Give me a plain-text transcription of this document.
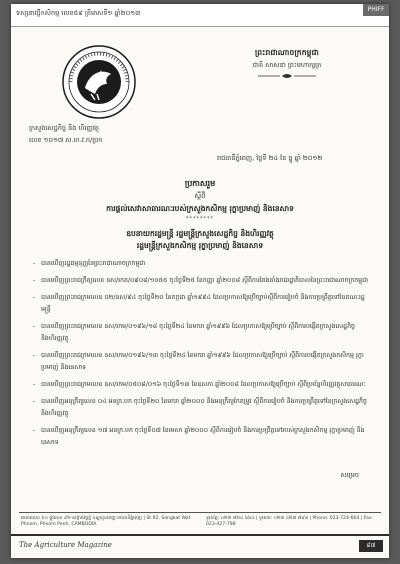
ទស្សនាវដ្តីកសិកម្ម លេខ៥៩ ត្រីមាសទី១ ឆ្នាំ២០១៣	PHIFF
ព្រះរាជាណាចក្រកម្ពុជា
ជាតិ សាសនា ព្រះមហាក្សត្រ
ក្រសួងសេដ្ឋកិច្ច និង ហិរញ្ញវត្ថុ
លេខ ១០១៧ ស.ហ.វ.ក/ប្រក
រាជធានីភ្នំពេញ, ថ្ងៃទី ២៤ ខែ ធ្នូ ឆ្នាំ ២០១២
ប្រកាសរួម
ស្តីពី
ការផ្តល់សេវាសាធារណៈរបស់ក្រសួងកសិកម្ម រុក្ខាប្រមាញ់ និងនេសាទ
********
ឧបនាយករដ្ឋមន្ត្រី រដ្ឋមន្ត្រីក្រសួងសេដ្ឋកិច្ច និងហិរញ្ញវត្ថុ
រដ្ឋមន្ត្រីក្រសួងកសិកម្ម រុក្ខាប្រមាញ់ និងនេសាទ
- បានឃើញរដ្ឋធម្មនុញ្ញនៃព្រះរាជាណាចក្រកម្ពុជា
- បានឃើញព្រះរាជក្រឹត្យលេខ នស/រកត/០៩០៨/១០៥៥ ចុះថ្ងៃទី២៥ ខែកញ្ញា ឆ្នាំ២០០៨ ស្តីពីការតែងតាំងរាជរដ្ឋាភិបាលនៃព្រះរាជាណាចក្រកម្ពុជា
- បានឃើញព្រះរាជក្រមលេខ ០២/នស/៩៤ ចុះថ្ងៃទី២០ ខែកក្កដា ឆ្នាំ១៩៩៤ ដែលប្រកាសឱ្យប្រើច្បាប់ស្តីពីការរៀបចំ និងការប្រព្រឹត្តទៅនៃគណៈរដ្ឋមន្ត្រី
- បានឃើញព្រះរាជក្រមលេខ នស/រកម/០១៩៦/១៨ ចុះថ្ងៃទី២៤ ខែមករា ឆ្នាំ១៩៩៦ ដែលប្រកាសឱ្យប្រើច្បាប់ ស្តីពីការបង្កើតក្រសួងសេដ្ឋកិច្ច និងហិរញ្ញវត្ថុ
- បានឃើញព្រះរាជក្រមលេខ នស/រកម/០១៩៦/១៣ ចុះថ្ងៃទី២៤ ខែមករា ឆ្នាំ១៩៩៦ ដែលប្រកាសឱ្យប្រើច្បាប់ ស្តីពីការបង្កើតក្រសួងកសិកម្ម រុក្ខាប្រមាញ់ និងនេសាទ
- បានឃើញព្រះរាជក្រមលេខ នស/រកម/០៥០៨/០១៦ ចុះថ្ងៃទី១៣ ខែឧសភា ឆ្នាំ២០០៨ ដែលប្រកាសឱ្យប្រើច្បាប់ ស្តីពីប្រព័ន្ធហិរញ្ញវត្ថុសាធារណៈ
- បានឃើញអនុក្រឹត្យលេខ ០៤ អនក្រ.បក ចុះថ្ងៃទី២០ ខែមករា ឆ្នាំ២០០០ និងអនុក្រឹត្យកែតម្រូវ ស្តីពីការរៀបចំ និងការប្រព្រឹត្តទៅនៃក្រសួងសេដ្ឋកិច្ច និងហិរញ្ញវត្ថុ
- បានឃើញអនុក្រឹត្យលេខ ១៧ អនក្រ.បក ចុះថ្ងៃទី០៧ ខែមេសា ឆ្នាំ២០០០ ស្តីពីការរៀបចំ និងការប្រព្រឹត្តទៅរបស់ក្រសួងកសិកម្ម រុក្ខាប្រមាញ់ និងនេសាទ
សម្រេច
អាគារលេខ ៦០ ផ្លូវលេខ ៩២ សង្កាត់វត្តភ្នំ ខណ្ឌដូនពេញ រាជធានីភ្នំពេញ | St.92, Sangkat Wat Phnom, Phnom Penh, CAMBODIA
ទូរស័ព្ទ: ០២៣ ៧២៤ ៦៦៤ | ទូរសារ: ០២៣ ៤២៧ ៧៩៨ | Phone: 023-724-664 | Fax: 023-427-798
The Agriculture Magazine	៨៧
